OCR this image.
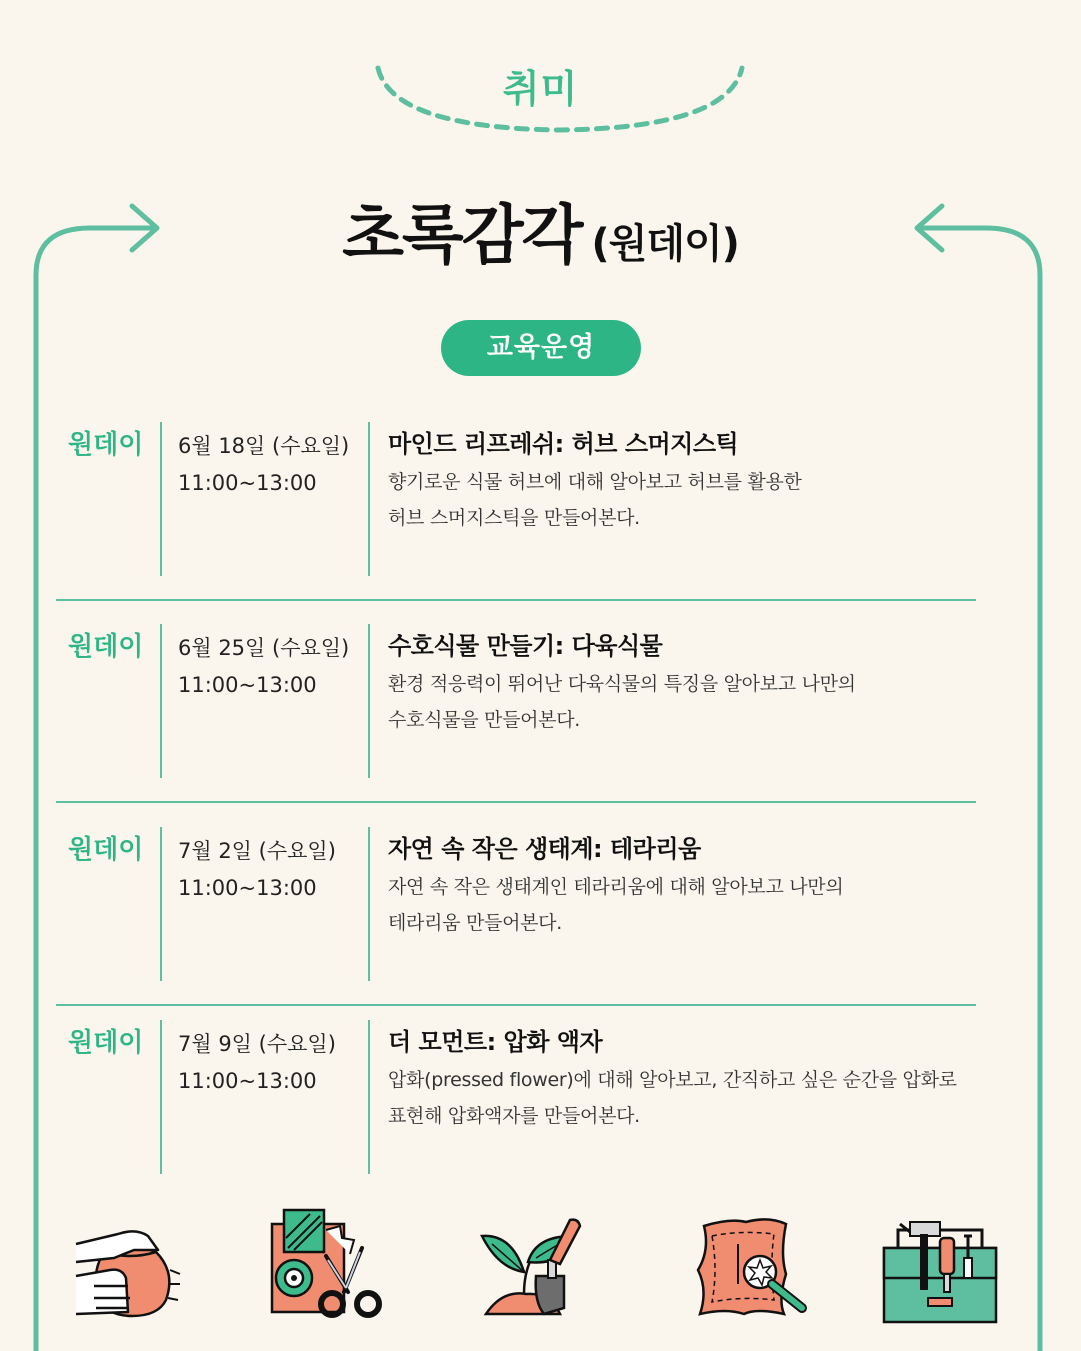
취미
초록감각 (원데이)
교육운영
원데이 6월 18일 (수요일)
11:00~13:00
마인드 리프레쉬: 허브 스머지스틱
향기로운 식물 허브에 대해 알아보고 허브를 활용한
허브 스머지스틱을 만들어본다.
원데이 6월 25일 (수요일)
11:00~13:00
수호식물 만들기: 다육식물
환경 적응력이 뛰어난 다육식물의 특징을 알아보고 나만의
수호식물을 만들어본다.
원데이 7월 2일 (수요일)
11:00~13:00
자연 속 작은 생태계: 테라리움
자연 속 작은 생태계인 테라리움에 대해 알아보고 나만의
테라리움 만들어본다.
원데이 7월 9일 (수요일)
11:00~13:00
더 모먼트: 압화 액자
압화(pressed flower)에 대해 알아보고, 간직하고 싶은 순간을 압화로
표현해 압화액자를 만들어본다.
